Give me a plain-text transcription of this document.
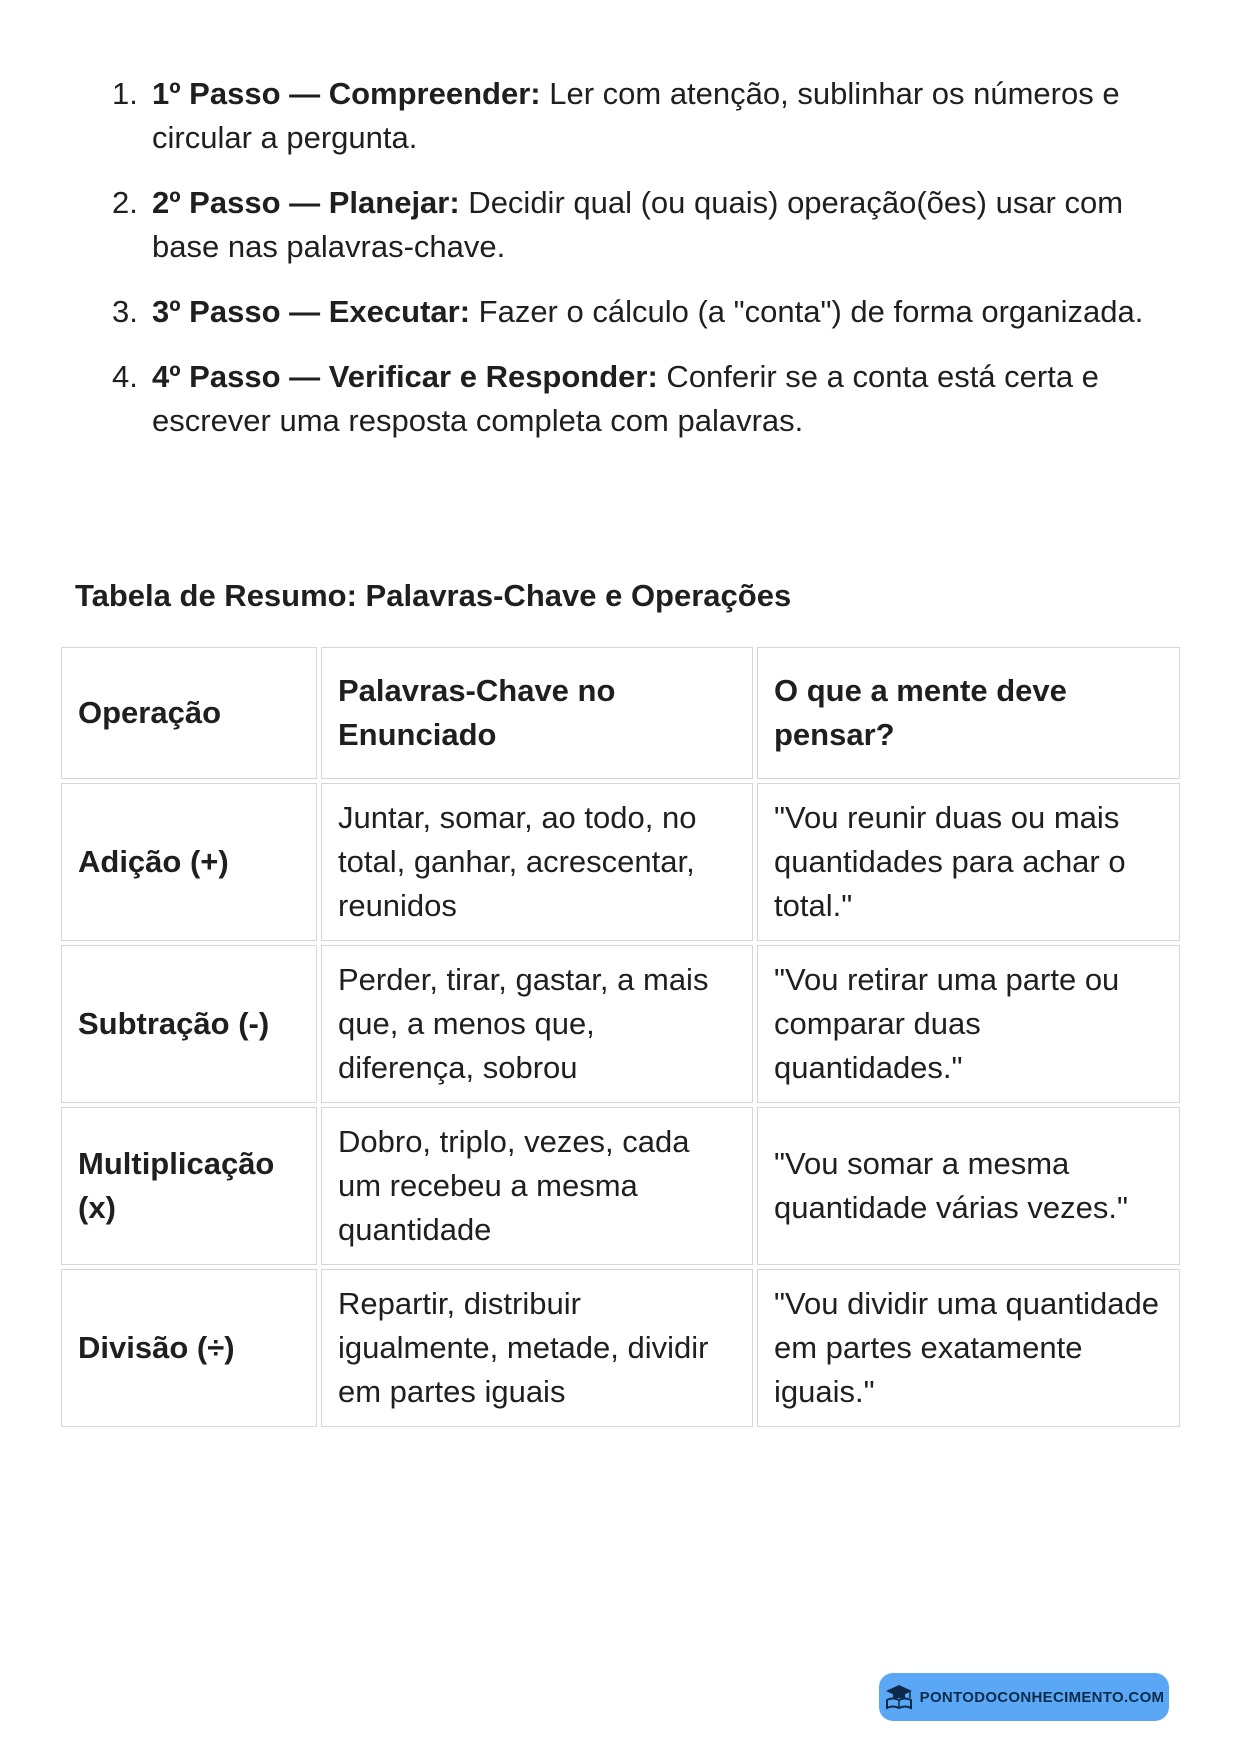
1. 1º Passo — Compreender: Ler com atenção, sublinhar os números e circular a pergunta.
2. 2º Passo — Planejar: Decidir qual (ou quais) operação(ões) usar com base nas palavras-chave.
3. 3º Passo — Executar: Fazer o cálculo (a "conta") de forma organizada.
4. 4º Passo — Verificar e Responder: Conferir se a conta está certa e escrever uma resposta completa com palavras.
Tabela de Resumo: Palavras-Chave e Operações
Operação	Palavras-Chave no Enunciado	O que a mente deve pensar?
Adição (+)	Juntar, somar, ao todo, no total, ganhar, acrescentar, reunidos	"Vou reunir duas ou mais quantidades para achar o total."
Subtração (-)	Perder, tirar, gastar, a mais que, a menos que, diferença, sobrou	"Vou retirar uma parte ou comparar duas quantidades."
Multiplicação (x)	Dobro, triplo, vezes, cada um recebeu a mesma quantidade	"Vou somar a mesma quantidade várias vezes."
Divisão (÷)	Repartir, distribuir igualmente, metade, dividir em partes iguais	"Vou dividir uma quantidade em partes exatamente iguais."
PONTODOCONHECIMENTO.COM
